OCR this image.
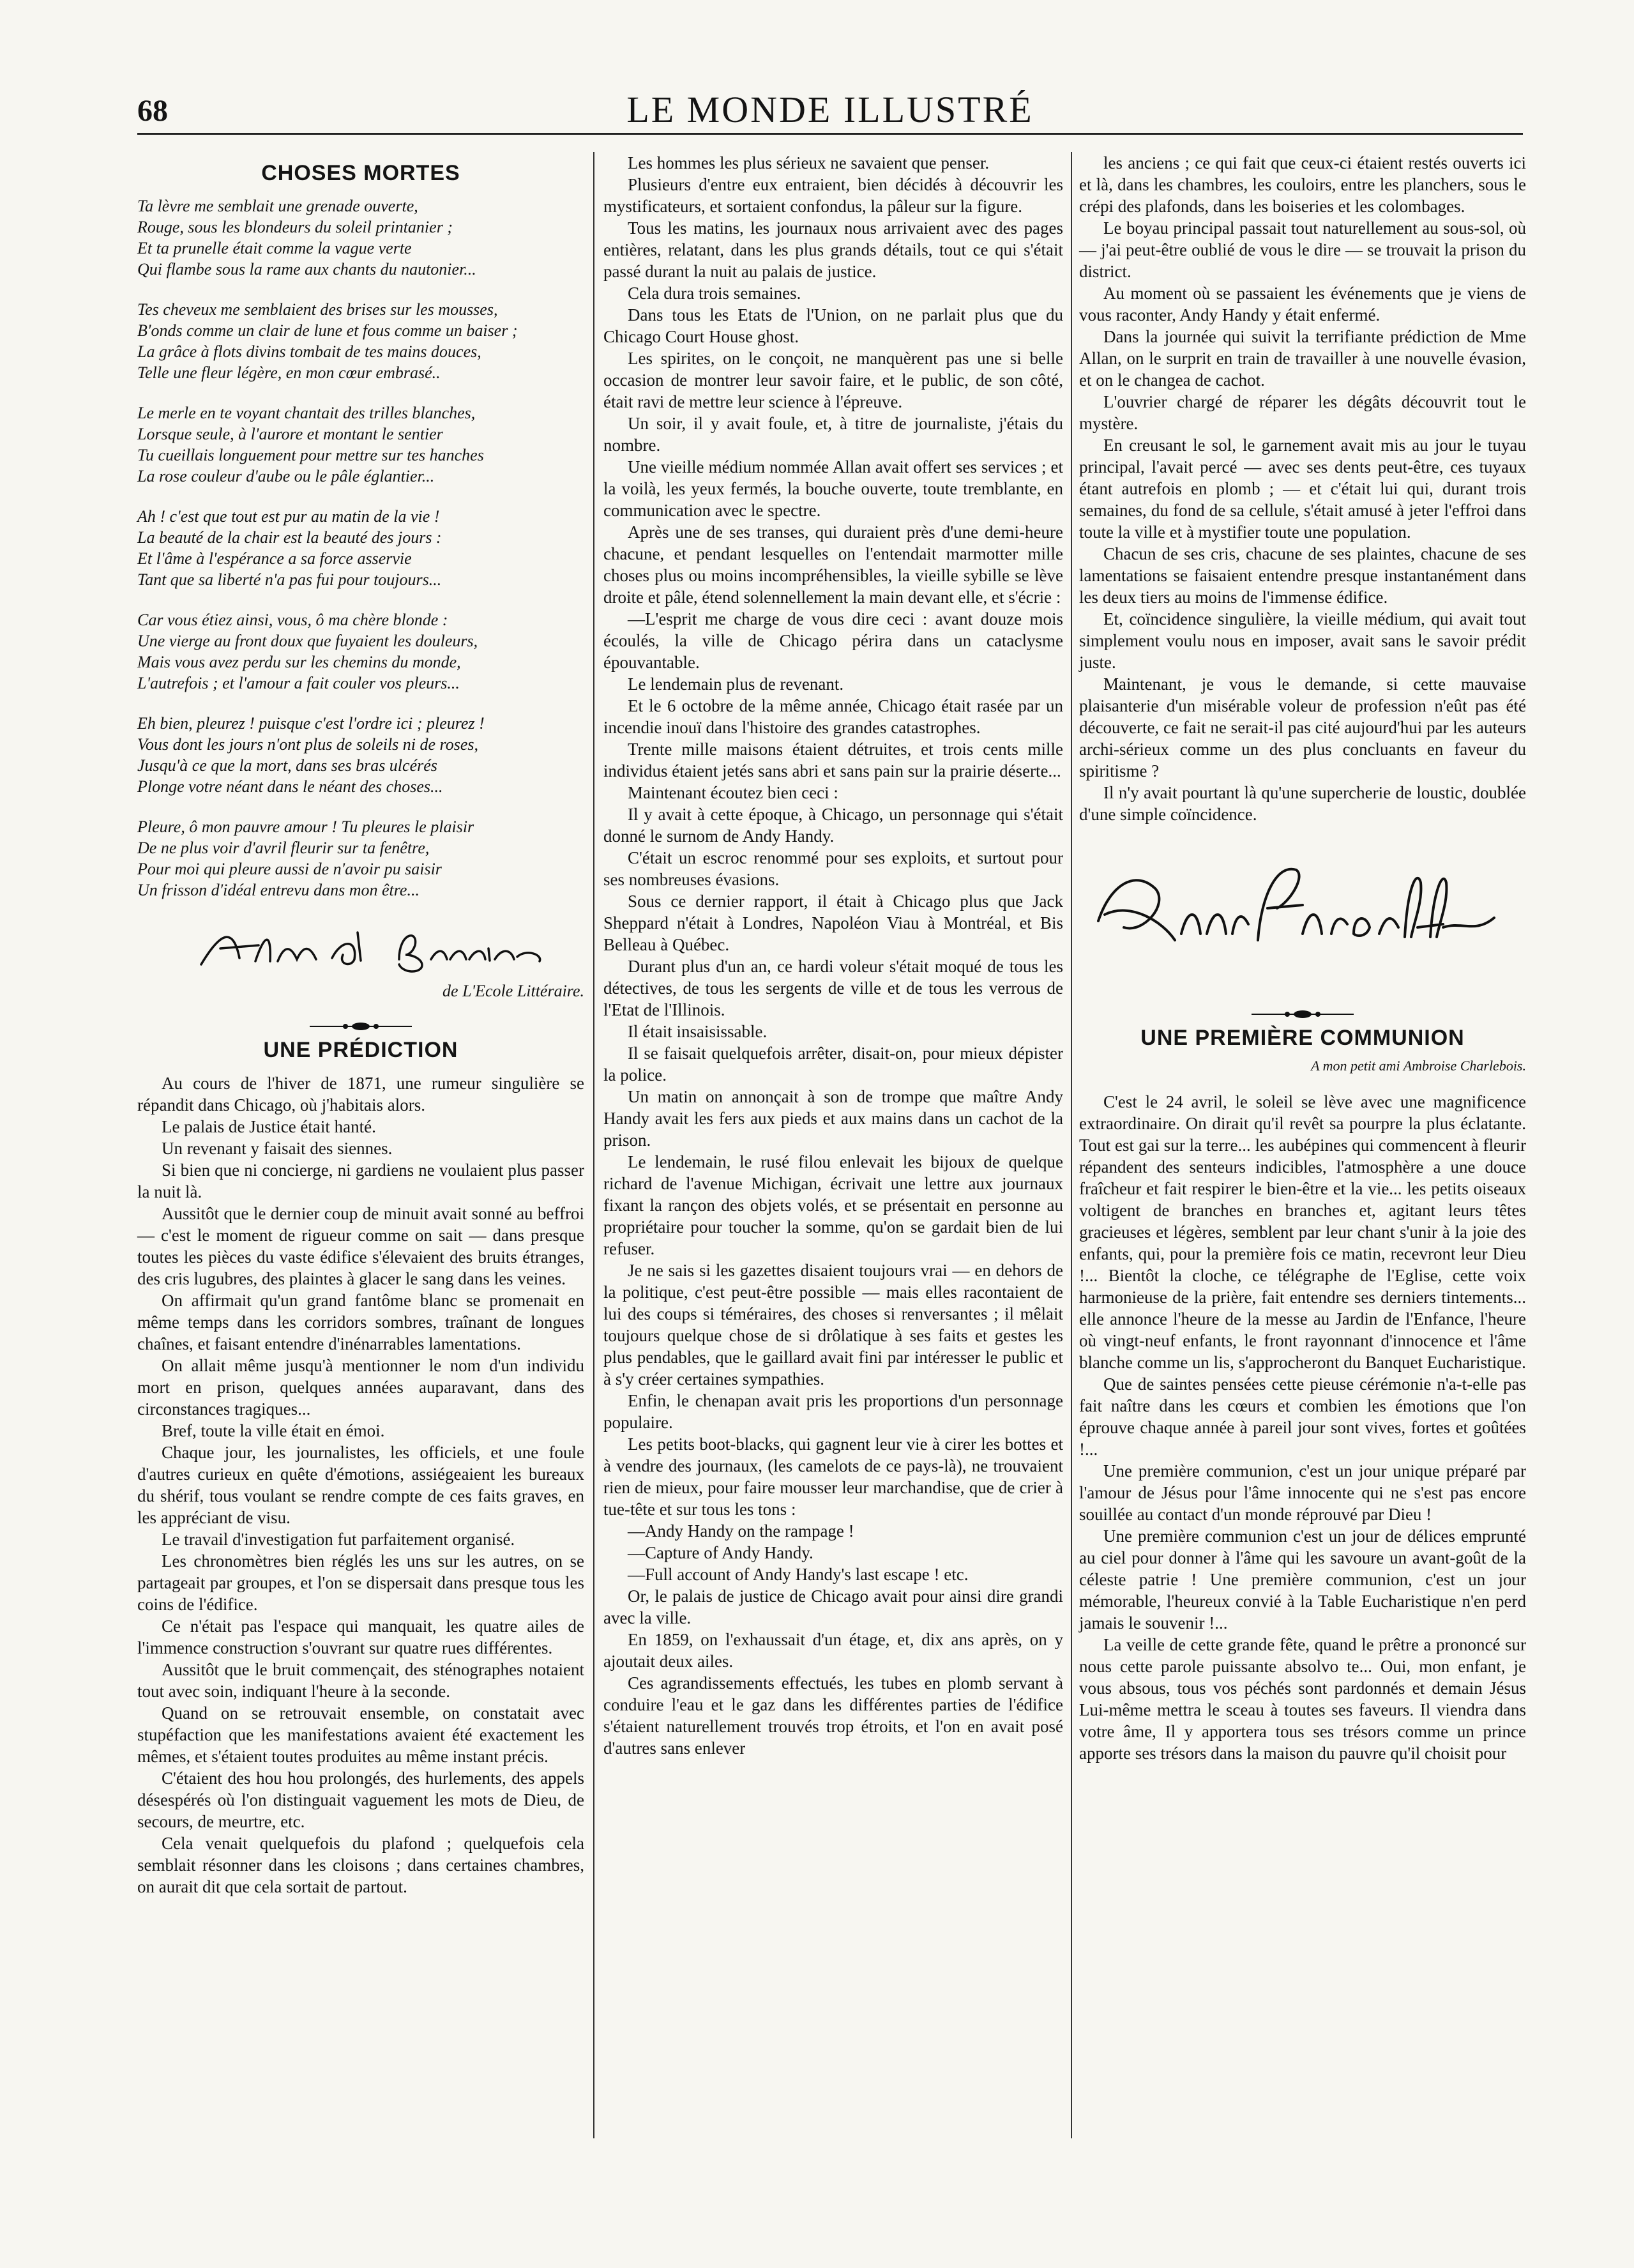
68	LE MONDE ILLUSTRÉ
CHOSES MORTES
Ta lèvre me semblait une grenade ouverte,
Rouge, sous les blondeurs du soleil printanier ;
Et ta prunelle était comme la vague verte
Qui flambe sous la rame aux chants du nautonier...
Tes cheveux me semblaient des brises sur les mousses,
B'onds comme un clair de lune et fous comme un baiser ;
La grâce à flots divins tombait de tes mains douces,
Telle une fleur légère, en mon cœur embrasé..
Le merle en te voyant chantait des trilles blanches,
Lorsque seule, à l'aurore et montant le sentier
Tu cueillais longuement pour mettre sur tes hanches
La rose couleur d'aube ou le pâle églantier...
Ah ! c'est que tout est pur au matin de la vie !
La beauté de la chair est la beauté des jours :
Et l'âme à l'espérance a sa force asservie
Tant que sa liberté n'a pas fui pour toujours...
Car vous étiez ainsi, vous, ô ma chère blonde :
Une vierge au front doux que fuyaient les douleurs,
Mais vous avez perdu sur les chemins du monde,
L'autrefois ; et l'amour a fait couler vos pleurs...
Eh bien, pleurez ! puisque c'est l'ordre ici ; pleurez !
Vous dont les jours n'ont plus de soleils ni de roses,
Jusqu'à ce que la mort, dans ses bras ulcérés
Plonge votre néant dans le néant des choses...
Pleure, ô mon pauvre amour ! Tu pleures le plaisir
De ne plus voir d'avril fleurir sur ta fenêtre,
Pour moi qui pleure aussi de n'avoir pu saisir
Un frisson d'idéal entrevu dans mon être...
de L'Ecole Littéraire.
UNE PRÉDICTION

Au cours de l'hiver de 1871, une rumeur singulière se répandit dans Chicago, où j'habitais alors.

Le palais de Justice était hanté.

Un revenant y faisait des siennes.

Si bien que ni concierge, ni gardiens ne voulaient plus passer la nuit là.

Aussitôt que le dernier coup de minuit avait sonné au beffroi — c'est le moment de rigueur comme on sait — dans presque toutes les pièces du vaste édifice s'élevaient des bruits étranges, des cris lugubres, des plaintes à glacer le sang dans les veines.

On affirmait qu'un grand fantôme blanc se promenait en même temps dans les corridors sombres, traînant de longues chaînes, et faisant entendre d'inénarrables lamentations.

On allait même jusqu'à mentionner le nom d'un individu mort en prison, quelques années auparavant, dans des circonstances tragiques...

Bref, toute la ville était en émoi.

Chaque jour, les journalistes, les officiels, et une foule d'autres curieux en quête d'émotions, assiégeaient les bureaux du shérif, tous voulant se rendre compte de ces faits graves, en les appréciant de visu.

Le travail d'investigation fut parfaitement organisé.

Les chronomètres bien réglés les uns sur les autres, on se partageait par groupes, et l'on se dispersait dans presque tous les coins de l'édifice.

Ce n'était pas l'espace qui manquait, les quatre ailes de l'immence construction s'ouvrant sur quatre rues différentes.

Aussitôt que le bruit commençait, des sténographes notaient tout avec soin, indiquant l'heure à la seconde.

Quand on se retrouvait ensemble, on constatait avec stupéfaction que les manifestations avaient été exactement les mêmes, et s'étaient toutes produites au même instant précis.

C'étaient des hou hou prolongés, des hurlements, des appels désespérés où l'on distinguait vaguement les mots de Dieu, de secours, de meurtre, etc.

Cela venait quelquefois du plafond ; quelquefois cela semblait résonner dans les cloisons ; dans certaines chambres, on aurait dit que cela sortait de partout.

Les hommes les plus sérieux ne savaient que penser.

Plusieurs d'entre eux entraient, bien décidés à découvrir les mystificateurs, et sortaient confondus, la pâleur sur la figure.

Tous les matins, les journaux nous arrivaient avec des pages entières, relatant, dans les plus grands détails, tout ce qui s'était passé durant la nuit au palais de justice.

Cela dura trois semaines.

Dans tous les Etats de l'Union, on ne parlait plus que du Chicago Court House ghost.

Les spirites, on le conçoit, ne manquèrent pas une si belle occasion de montrer leur savoir faire, et le public, de son côté, était ravi de mettre leur science à l'épreuve.

Un soir, il y avait foule, et, à titre de journaliste, j'étais du nombre.

Une vieille médium nommée Allan avait offert ses services ; et la voilà, les yeux fermés, la bouche ouverte, toute tremblante, en communication avec le spectre.

Après une de ses transes, qui duraient près d'une demi-heure chacune, et pendant lesquelles on l'entendait marmotter mille choses plus ou moins incompréhensibles, la vieille sybille se lève droite et pâle, étend solennellement la main devant elle, et s'écrie :

—L'esprit me charge de vous dire ceci : avant douze mois écoulés, la ville de Chicago périra dans un cataclysme épouvantable.

Le lendemain plus de revenant.

Et le 6 octobre de la même année, Chicago était rasée par un incendie inouï dans l'histoire des grandes catastrophes.

Trente mille maisons étaient détruites, et trois cents mille individus étaient jetés sans abri et sans pain sur la prairie déserte...

Maintenant écoutez bien ceci :

Il y avait à cette époque, à Chicago, un personnage qui s'était donné le surnom de Andy Handy.

C'était un escroc renommé pour ses exploits, et surtout pour ses nombreuses évasions.

Sous ce dernier rapport, il était à Chicago plus que Jack Sheppard n'était à Londres, Napoléon Viau à Montréal, et Bis Belleau à Québec.

Durant plus d'un an, ce hardi voleur s'était moqué de tous les détectives, de tous les sergents de ville et de tous les verrous de l'Etat de l'Illinois.

Il était insaisissable.

Il se faisait quelquefois arrêter, disait-on, pour mieux dépister la police.

Un matin on annonçait à son de trompe que maître Andy Handy avait les fers aux pieds et aux mains dans un cachot de la prison.

Le lendemain, le rusé filou enlevait les bijoux de quelque richard de l'avenue Michigan, écrivait une lettre aux journaux fixant la rançon des objets volés, et se présentait en personne au propriétaire pour toucher la somme, qu'on se gardait bien de lui refuser.

Je ne sais si les gazettes disaient toujours vrai — en dehors de la politique, c'est peut-être possible — mais elles racontaient de lui des coups si téméraires, des choses si renversantes ; il mêlait toujours quelque chose de si drôlatique à ses faits et gestes les plus pendables, que le gaillard avait fini par intéresser le public et à s'y créer certaines sympathies.

Enfin, le chenapan avait pris les proportions d'un personnage populaire.

Les petits boot-blacks, qui gagnent leur vie à cirer les bottes et à vendre des journaux, (les camelots de ce pays-là), ne trouvaient rien de mieux, pour faire mousser leur marchandise, que de crier à tue-tête et sur tous les tons :

—Andy Handy on the rampage !

—Capture of Andy Handy.

—Full account of Andy Handy's last escape ! etc.

Or, le palais de justice de Chicago avait pour ainsi dire grandi avec la ville.

En 1859, on l'exhaussait d'un étage, et, dix ans après, on y ajoutait deux ailes.

Ces agrandissements effectués, les tubes en plomb servant à conduire l'eau et le gaz dans les différentes parties de l'édifice s'étaient naturellement trouvés trop étroits, et l'on en avait posé d'autres sans enlever

les anciens ; ce qui fait que ceux-ci étaient restés ouverts ici et là, dans les chambres, les couloirs, entre les planchers, sous le crépi des plafonds, dans les boiseries et les colombages.

Le boyau principal passait tout naturellement au sous-sol, où — j'ai peut-être oublié de vous le dire — se trouvait la prison du district.

Au moment où se passaient les événements que je viens de vous raconter, Andy Handy y était enfermé.

Dans la journée qui suivit la terrifiante prédiction de Mme Allan, on le surprit en train de travailler à une nouvelle évasion, et on le changea de cachot.

L'ouvrier chargé de réparer les dégâts découvrit tout le mystère.

En creusant le sol, le garnement avait mis au jour le tuyau principal, l'avait percé — avec ses dents peut-être, ces tuyaux étant autrefois en plomb ; — et c'était lui qui, durant trois semaines, du fond de sa cellule, s'était amusé à jeter l'effroi dans toute la ville et à mystifier toute une population.

Chacun de ses cris, chacune de ses plaintes, chacune de ses lamentations se faisaient entendre presque instantanément dans les deux tiers au moins de l'immense édifice.

Et, coïncidence singulière, la vieille médium, qui avait tout simplement voulu nous en imposer, avait sans le savoir prédit juste.

Maintenant, je vous le demande, si cette mauvaise plaisanterie d'un misérable voleur de profession n'eût pas été découverte, ce fait ne serait-il pas cité aujourd'hui par les auteurs archi-sérieux comme un des plus concluants en faveur du spiritisme ?

Il n'y avait pourtant là qu'une supercherie de loustic, doublée d'une simple coïncidence.

UNE PREMIÈRE COMMUNION
A mon petit ami Ambroise Charlebois.

C'est le 24 avril, le soleil se lève avec une magnificence extraordinaire. On dirait qu'il revêt sa pourpre la plus éclatante. Tout est gai sur la terre... les aubépines qui commencent à fleurir répandent des senteurs indicibles, l'atmosphère a une douce fraîcheur et fait respirer le bien-être et la vie... les petits oiseaux voltigent de branches en branches et, agitant leurs têtes gracieuses et légères, semblent par leur chant s'unir à la joie des enfants, qui, pour la première fois ce matin, recevront leur Dieu !... Bientôt la cloche, ce télégraphe de l'Eglise, cette voix harmonieuse de la prière, fait entendre ses derniers tintements... elle annonce l'heure de la messe au Jardin de l'Enfance, l'heure où vingt-neuf enfants, le front rayonnant d'innocence et l'âme blanche comme un lis, s'approcheront du Banquet Eucharistique.

Que de saintes pensées cette pieuse cérémonie n'a-t-elle pas fait naître dans les cœurs et combien les émotions que l'on éprouve chaque année à pareil jour sont vives, fortes et goûtées !...

Une première communion, c'est un jour unique préparé par l'amour de Jésus pour l'âme innocente qui ne s'est pas encore souillée au contact d'un monde réprouvé par Dieu !

Une première communion c'est un jour de délices emprunté au ciel pour donner à l'âme qui les savoure un avant-goût de la céleste patrie ! Une première communion, c'est un jour mémorable, l'heureux convié à la Table Eucharistique n'en perd jamais le souvenir !...

La veille de cette grande fête, quand le prêtre a prononcé sur nous cette parole puissante absolvo te... Oui, mon enfant, je vous absous, tous vos péchés sont pardonnés et demain Jésus Lui-même mettra le sceau à toutes ses faveurs. Il viendra dans votre âme, Il y apportera tous ses trésors comme un prince apporte ses trésors dans la maison du pauvre qu'il choisit pour
